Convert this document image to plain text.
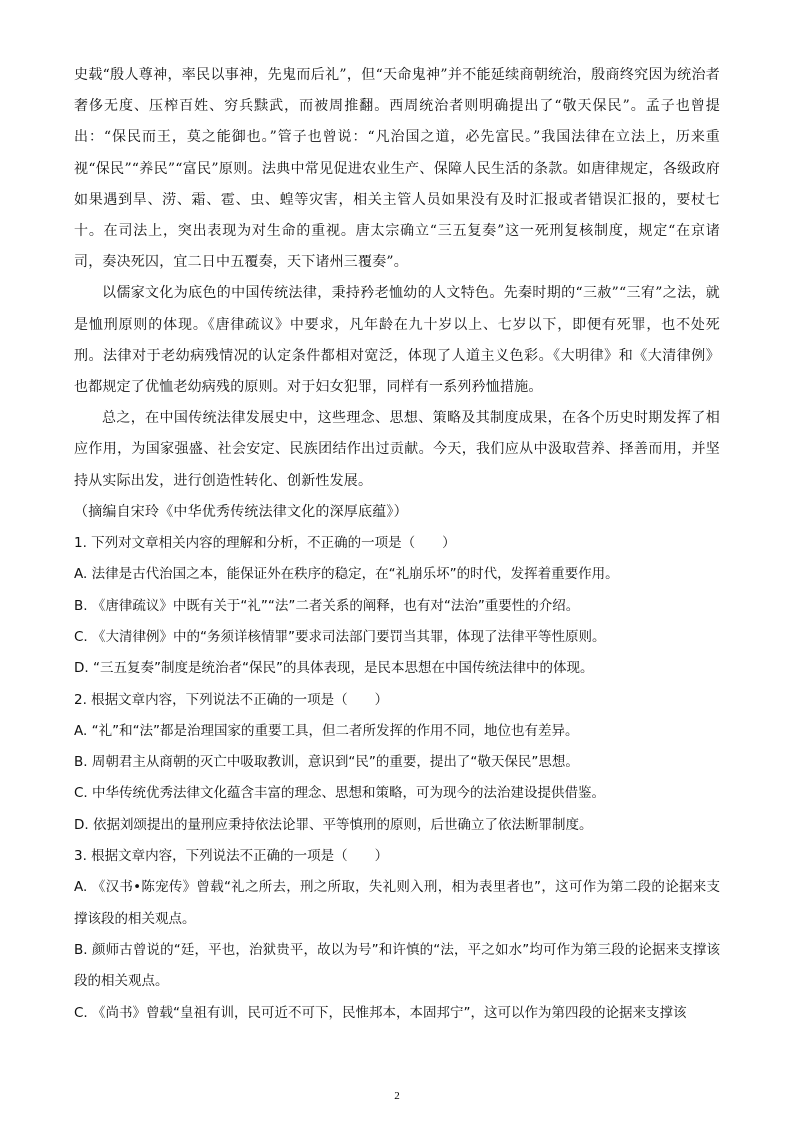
史载“殷人尊神，率民以事神，先鬼而后礼”，但“天命鬼神”并不能延续商朝统治，殷商终究因为统治者奢侈无度、压榨百姓、穷兵黩武，而被周推翻。西周统治者则明确提出了“敬天保民”。孟子也曾提出：“保民而王，莫之能御也。”管子也曾说：“凡治国之道，必先富民。”我国法律在立法上，历来重视“保民”“养民”“富民”原则。法典中常见促进农业生产、保障人民生活的条款。如唐律规定，各级政府如果遇到旱、涝、霜、雹、虫、蝗等灾害，相关主管人员如果没有及时汇报或者错误汇报的，要杖七十。在司法上，突出表现为对生命的重视。唐太宗确立“三五复奏”这一死刑复核制度，规定“在京诸司，奏决死囚，宜二日中五覆奏，天下诸州三覆奏”。

以儒家文化为底色的中国传统法律，秉持矜老恤幼的人文特色。先秦时期的“三赦”“三宥”之法，就是恤刑原则的体现。《唐律疏议》中要求，凡年龄在九十岁以上、七岁以下，即便有死罪，也不处死刑。法律对于老幼病残情况的认定条件都相对宽泛，体现了人道主义色彩。《大明律》和《大清律例》也都规定了优恤老幼病残的原则。对于妇女犯罪，同样有一系列矜恤措施。

总之，在中国传统法律发展史中，这些理念、思想、策略及其制度成果，在各个历史时期发挥了相应作用，为国家强盛、社会安定、民族团结作出过贡献。今天，我们应从中汲取营养、择善而用，并坚持从实际出发，进行创造性转化、创新性发展。

（摘编自宋玲《中华优秀传统法律文化的深厚底蕴》）

1. 下列对文章相关内容的理解和分析，不正确的一项是（　　）

A. 法律是古代治国之本，能保证外在秩序的稳定，在“礼崩乐坏”的时代，发挥着重要作用。

B. 《唐律疏议》中既有关于“礼”“法”二者关系的阐释，也有对“法治”重要性的介绍。

C. 《大清律例》中的“务须详核情罪”要求司法部门要罚当其罪，体现了法律平等性原则。

D. “三五复奏”制度是统治者“保民”的具体表现，是民本思想在中国传统法律中的体现。

2. 根据文章内容，下列说法不正确的一项是（　　）

A. “礼”和“法”都是治理国家的重要工具，但二者所发挥的作用不同，地位也有差异。

B. 周朝君主从商朝的灭亡中吸取教训，意识到“民”的重要，提出了“敬天保民”思想。

C. 中华传统优秀法律文化蕴含丰富的理念、思想和策略，可为现今的法治建设提供借鉴。

D. 依据刘颂提出的量刑应秉持依法论罪、平等慎刑的原则，后世确立了依法断罪制度。

3. 根据文章内容，下列说法不正确的一项是（　　）

A. 《汉书•陈宠传》曾载“礼之所去，刑之所取，失礼则入刑，相为表里者也”，这可作为第二段的论据来支撑该段的相关观点。

B. 颜师古曾说的“廷，平也，治狱贵平，故以为号”和许慎的“法，平之如水”均可作为第三段的论据来支撑该段的相关观点。

C. 《尚书》曾载“皇祖有训，民可近不可下，民惟邦本，本固邦宁”，这可以作为第四段的论据来支撑该

2
